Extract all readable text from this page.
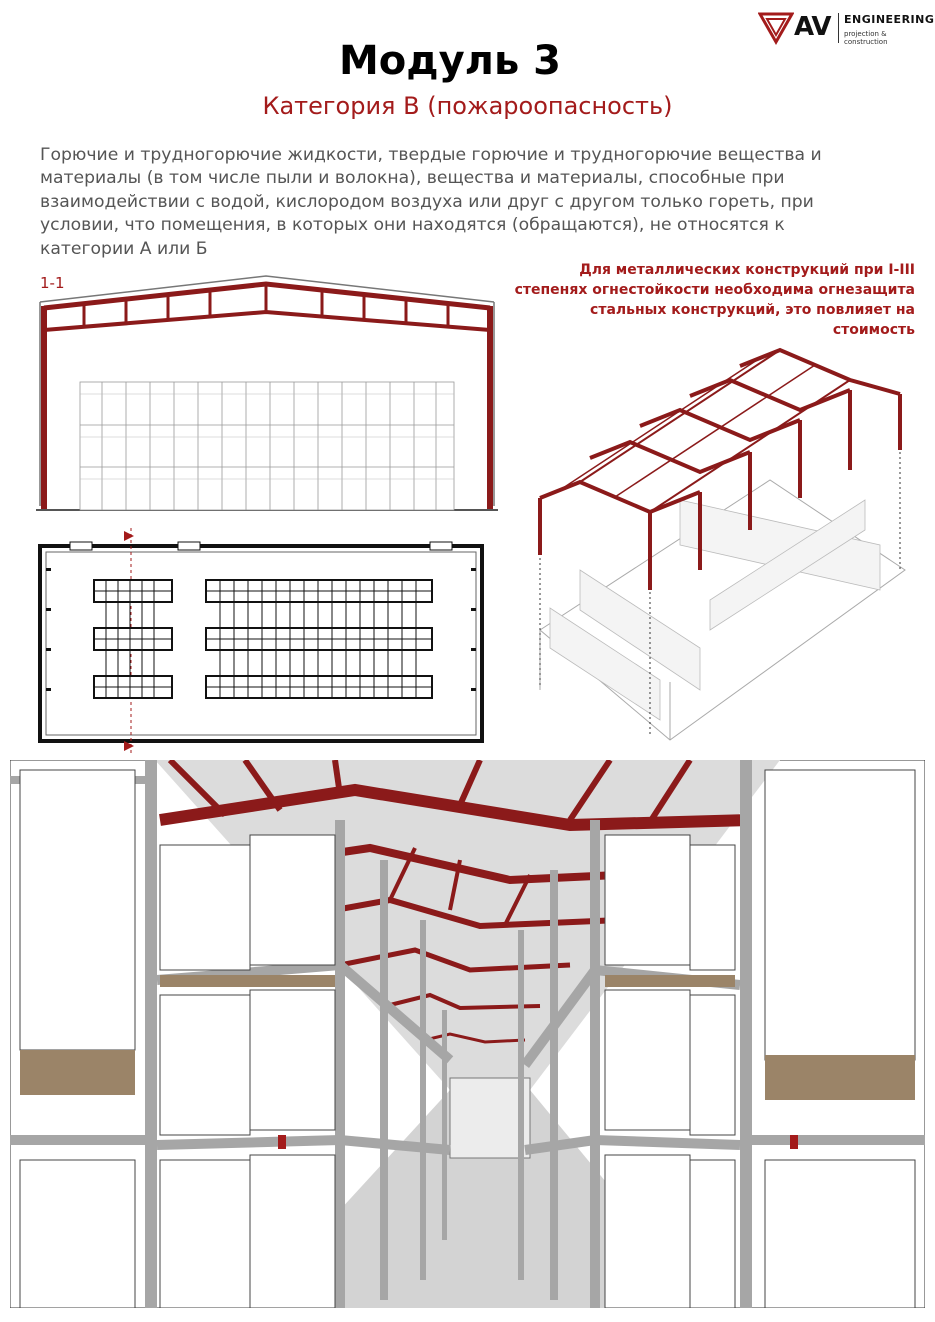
AV ENGINEERING
projection & construction
Модуль 3
Категория В (пожароопасность)
Горючие и трудногорючие жидкости, твердые горючие и трудногорючие вещества и материалы (в том числе пыли и волокна), вещества и материалы, способные при взаимодействии с водой, кислородом воздуха или друг с другом только гореть, при условии, что помещения, в которых они находятся (обращаются), не относятся к категории А или Б
1-1
Для металлических конструкций при I-III степенях огнестойкости необходима огнезащита стальных конструкций, это повлияет на стоимость
